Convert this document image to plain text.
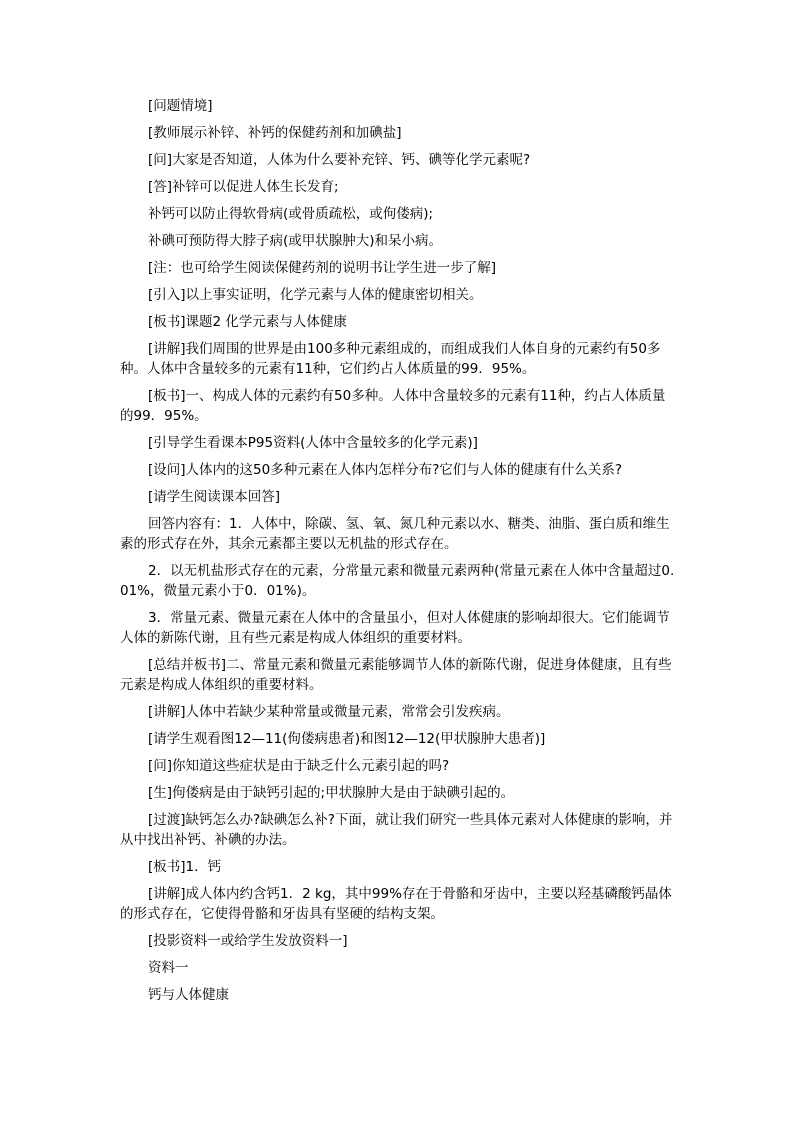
[问题情境]

[教师展示补锌、补钙的保健药剂和加碘盐]

[问]大家是否知道，人体为什么要补充锌、钙、碘等化学元素呢?

[答]补锌可以促进人体生长发育;

补钙可以防止得软骨病(或骨质疏松，或佝偻病);

补碘可预防得大脖子病(或甲状腺肿大)和呆小病。

[注：也可给学生阅读保健药剂的说明书让学生进一步了解]

[引入]以上事实证明，化学元素与人体的健康密切相关。

[板书]课题2 化学元素与人体健康

[讲解]我们周围的世界是由100多种元素组成的，而组成我们人体自身的元素约有50多种。人体中含量较多的元素有11种，它们约占人体质量的99．95%。

[板书]一、构成人体的元素约有50多种。人体中含量较多的元素有11种，约占人体质量的99．95%。

[引导学生看课本P95资料(人体中含量较多的化学元素)]

[设问]人体内的这50多种元素在人体内怎样分布?它们与人体的健康有什么关系?

[请学生阅读课本回答]

回答内容有：1．人体中，除碳、氢、氧、氮几种元素以水、糖类、油脂、蛋白质和维生素的形式存在外，其余元素都主要以无机盐的形式存在。

2．以无机盐形式存在的元素，分常量元素和微量元素两种(常量元素在人体中含量超过0.01%，微量元素小于0．01%)。

3．常量元素、微量元素在人体中的含量虽小，但对人体健康的影响却很大。它们能调节人体的新陈代谢，且有些元素是构成人体组织的重要材料。

[总结并板书]二、常量元素和微量元素能够调节人体的新陈代谢，促进身体健康，且有些元素是构成人体组织的重要材料。

[讲解]人体中若缺少某种常量或微量元素，常常会引发疾病。

[请学生观看图12—11(佝偻病患者)和图12—12(甲状腺肿大患者)]

[问]你知道这些症状是由于缺乏什么元素引起的吗?

[生]佝偻病是由于缺钙引起的;甲状腺肿大是由于缺碘引起的。

[过渡]缺钙怎么办?缺碘怎么补?下面，就让我们研究一些具体元素对人体健康的影响，并从中找出补钙、补碘的办法。

[板书]1．钙

[讲解]成人体内约含钙1．2 kg，其中99%存在于骨骼和牙齿中，主要以羟基磷酸钙晶体的形式存在，它使得骨骼和牙齿具有坚硬的结构支架。

[投影资料一或给学生发放资料一]

资料一

钙与人体健康
